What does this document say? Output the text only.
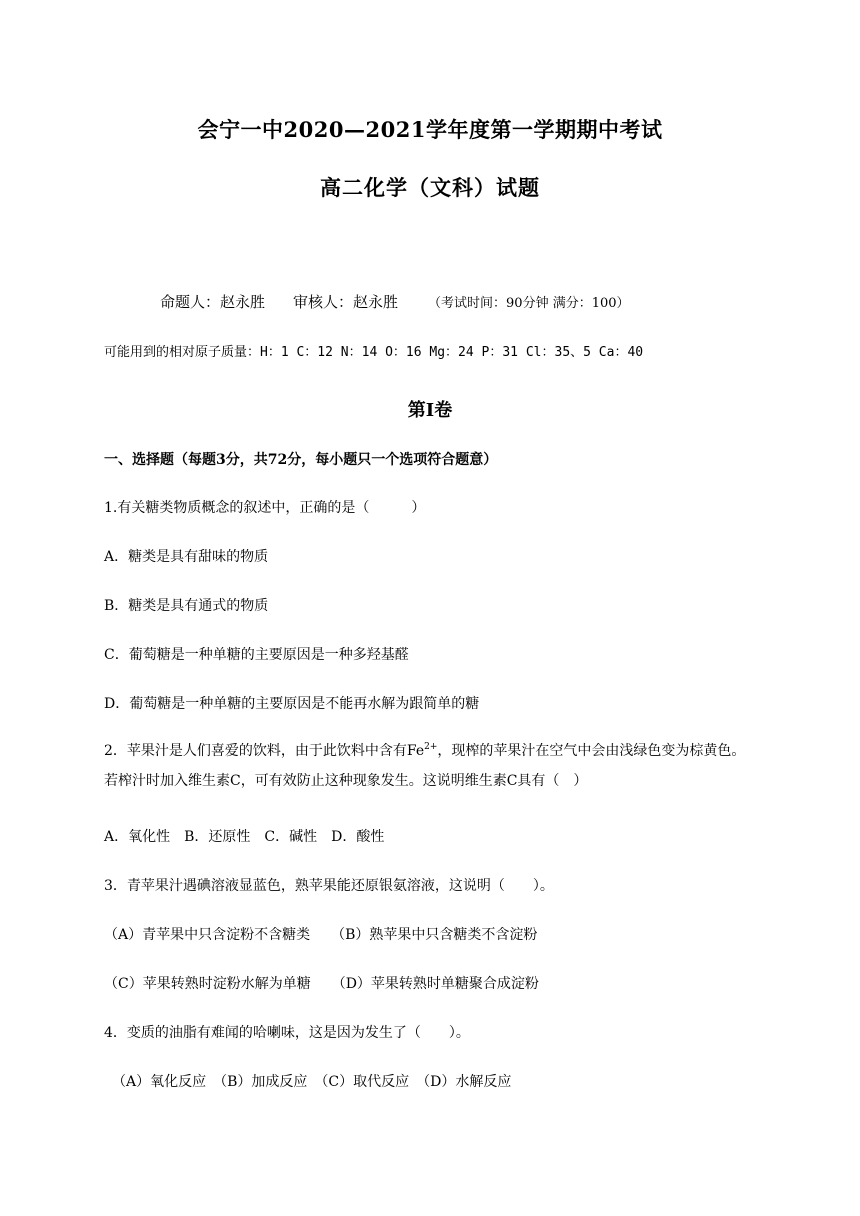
会宁一中2020—2021学年度第一学期期中考试
高二化学（文科）试题
命题人：赵永胜 审核人：赵永胜 （考试时间：90分钟 满分：100）
可能用到的相对原子质量：H：1 C：12 N：14 O：16 Mg：24 P：31 Cl：35、5 Ca：40
第Ⅰ卷
一、选择题（每题3分，共72分，每小题只一个选项符合题意）
1.有关糖类物质概念的叙述中，正确的是（　　　）
A．糖类是具有甜味的物质
B．糖类是具有通式的物质
C．葡萄糖是一种单糖的主要原因是一种多羟基醛
D．葡萄糖是一种单糖的主要原因是不能再水解为跟简单的糖
2．苹果汁是人们喜爱的饮料，由于此饮料中含有$Fe^{2+}$，现榨的苹果汁在空气中会由浅绿色变为棕黄色。若榨汁时加入维生素C，可有效防止这种现象发生。这说明维生素C具有（　）
A．氧化性　B．还原性　C．碱性　D．酸性
3．青苹果汁遇碘溶液显蓝色，熟苹果能还原银氨溶液，这说明（　　）。
（A）青苹果中只含淀粉不含糖类　　（B）熟苹果中只含糖类不含淀粉
（C）苹果转熟时淀粉水解为单糖　　（D）苹果转熟时单糖聚合成淀粉
4．变质的油脂有难闻的哈喇味，这是因为发生了（　　）。
（A）氧化反应　（B）加成反应　（C）取代反应　（D）水解反应
